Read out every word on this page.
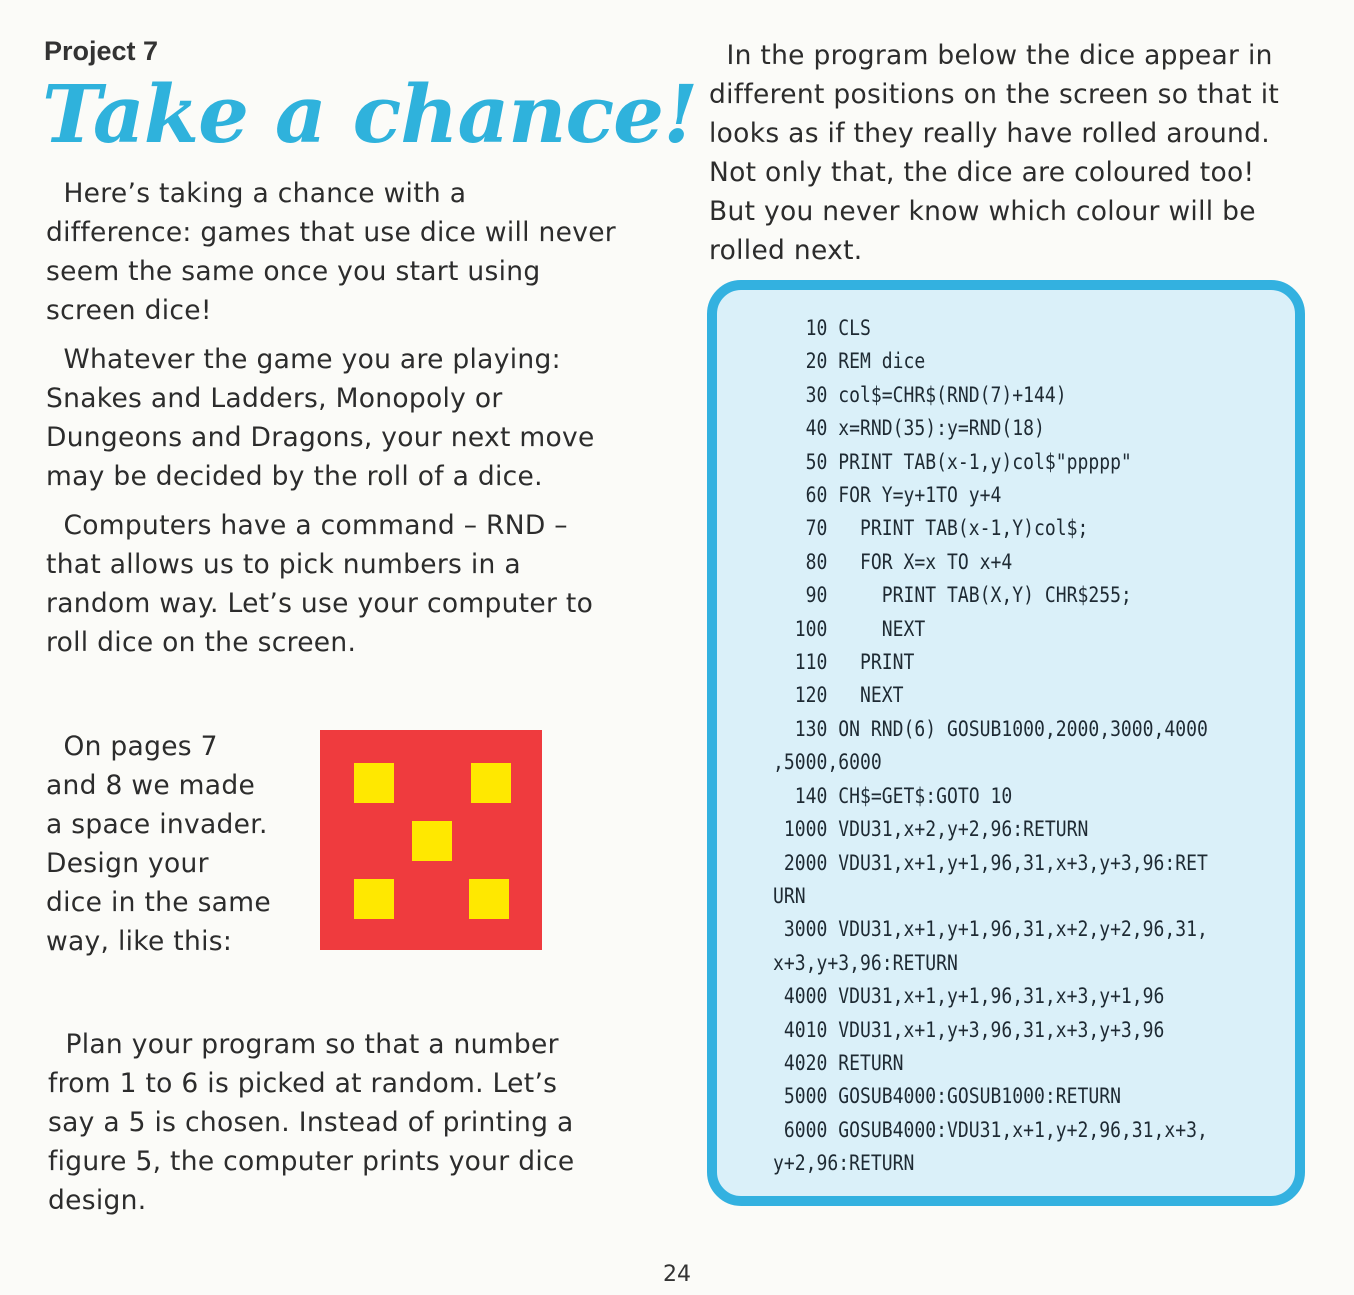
Project 7
Take a chance!

Here’s taking a chance with a
difference: games that use dice will never
seem the same once you start using
screen dice!

Whatever the game you are playing:
Snakes and Ladders, Monopoly or
Dungeons and Dragons, your next move
may be decided by the roll of a dice.

Computers have a command – RND –
that allows us to pick numbers in a
random way. Let’s use your computer to
roll dice on the screen.

On pages 7
and 8 we made
a space invader.
Design your
dice in the same
way, like this:

Plan your program so that a number
from 1 to 6 is picked at random. Let’s
say a 5 is chosen. Instead of printing a
figure 5, the computer prints your dice
design.

In the program below the dice appear in
different positions on the screen so that it
looks as if they really have rolled around.
Not only that, the dice are coloured too!
But you never know which colour will be
rolled next.

10 CLS
20 REM dice
30 col$=CHR$(RND(7)+144)
40 x=RND(35):y=RND(18)
50 PRINT TAB(x-1,y)col$"ppppp"
60 FOR Y=y+1TO y+4
70   PRINT TAB(x-1,Y)col$;
80   FOR X=x TO x+4
90     PRINT TAB(X,Y) CHR$255;
100     NEXT
110   PRINT
120   NEXT
130 ON RND(6) GOSUB1000,2000,3000,4000
,5000,6000
140 CH$=GET$:GOTO 10
1000 VDU31,x+2,y+2,96:RETURN
2000 VDU31,x+1,y+1,96,31,x+3,y+3,96:RET
URN
3000 VDU31,x+1,y+1,96,31,x+2,y+2,96,31,
x+3,y+3,96:RETURN
4000 VDU31,x+1,y+1,96,31,x+3,y+1,96
4010 VDU31,x+1,y+3,96,31,x+3,y+3,96
4020 RETURN
5000 GOSUB4000:GOSUB1000:RETURN
6000 GOSUB4000:VDU31,x+1,y+2,96,31,x+3,
y+2,96:RETURN
24
